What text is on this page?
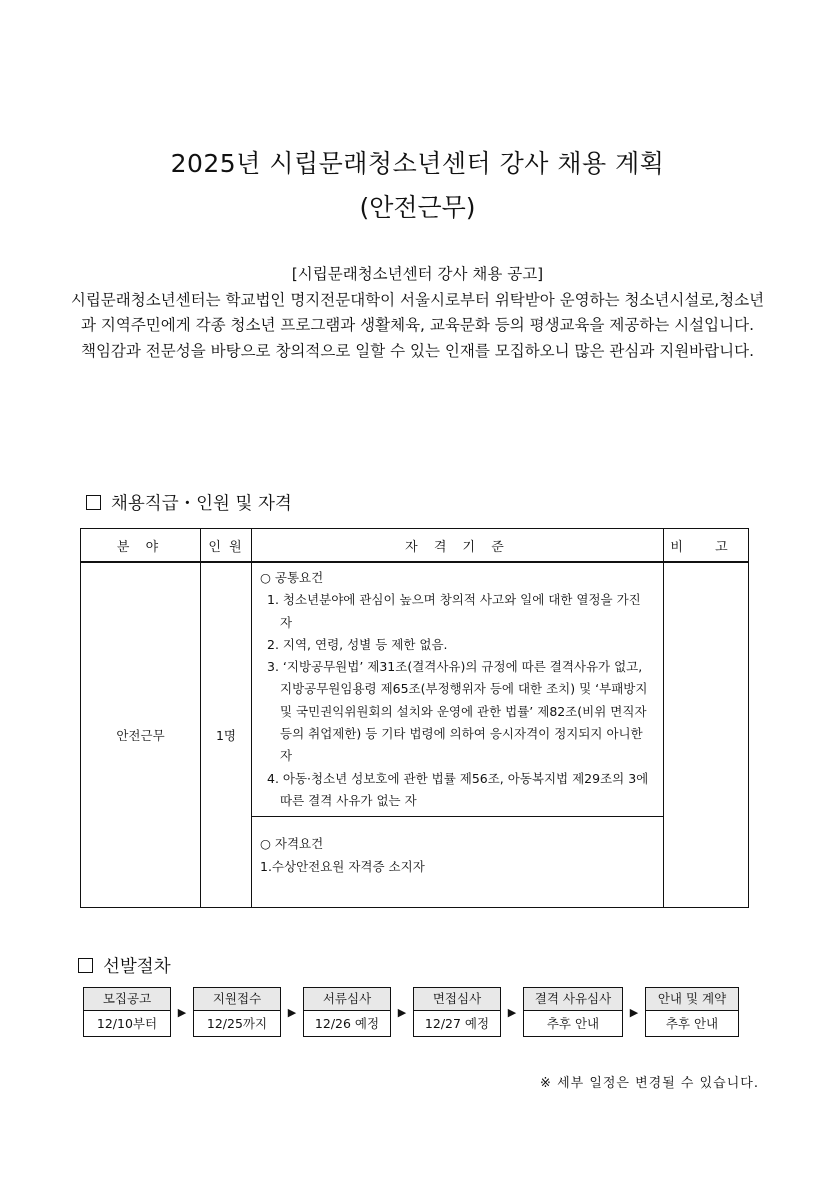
2025년 시립문래청소년센터 강사 채용 계획
(안전근무)

[시립문래청소년센터 강사 채용 공고]

시립문래청소년센터는 학교법인 명지전문대학이 서울시로부터 위탁받아 운영하는 청소년시설로,청소년과 지역주민에게 각종 청소년 프로그램과 생활체육, 교육문화 등의 평생교육을 제공하는 시설입니다.

책임감과 전문성을 바탕으로 창의적으로 일할 수 있는 인재를 모집하오니 많은 관심과 지원바랍니다.

채용직급・인원 및 자격
분 야	인 원	자 격 기 준	비 고
안전근무	1명	○ 공통요건
1. 청소년분야에 관심이 높으며 창의적 사고와 일에 대한 열정을 가진 자
2. 지역, 연령, 성별 등 제한 없음.
3. ‘지방공무원법’ 제31조(결격사유)의 규정에 따른 결격사유가 없고, 지방공무원임용령 제65조(부정행위자 등에 대한 조치) 및 ‘부패방지 및 국민권익위원회의 설치와 운영에 관한 법률’ 제82조(비위 면직자 등의 취업제한) 등 기타 법령에 의하여 응시자격이 정지되지 아니한 자
4. 아동·청소년 성보호에 관한 법률 제56조, 아동복지법 제29조의 3에 따른 결격 사유가 없는 자	

		○ 자격요건
1.수상안전요원 자격증 소지자	
선발절차
모집공고
12/10부터
▶
지원접수
12/25까지
▶
서류심사
12/26 예정
▶
면접심사
12/27 예정
▶
결격 사유심사
추후 안내
▶
안내 및 계약
추후 안내
※ 세부 일정은 변경될 수 있습니다.
